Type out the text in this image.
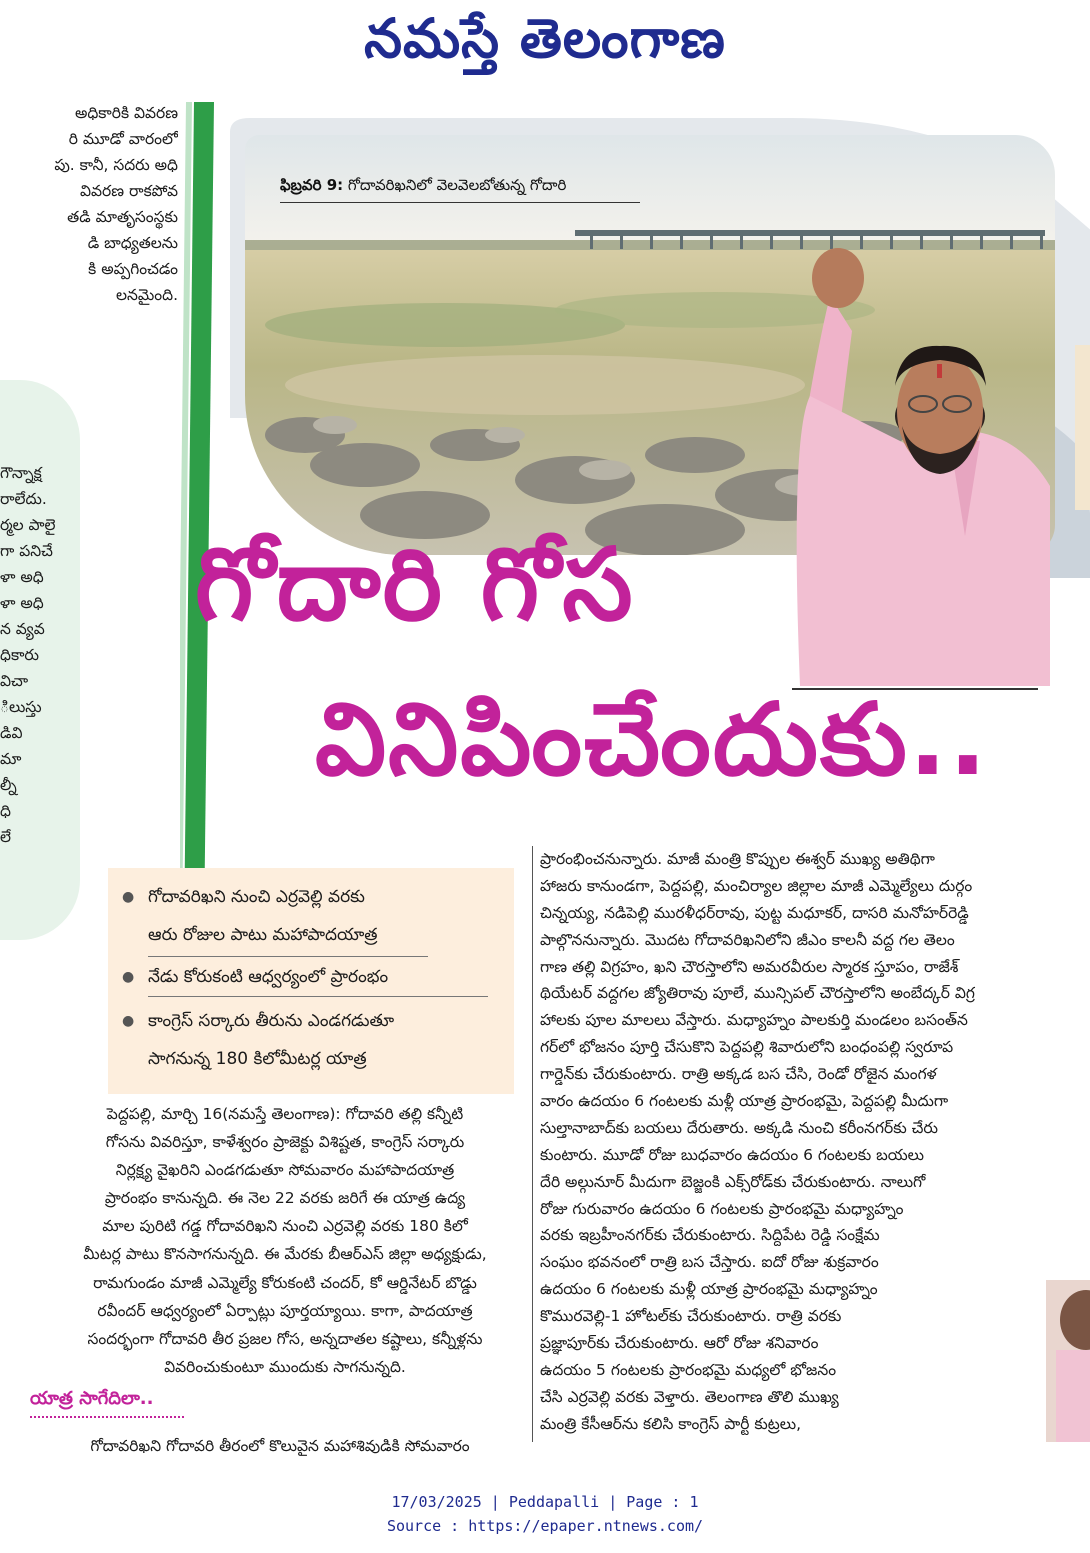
నమస్తే తెలంగాణ
అధికారికి వివరణ
రి మూడో వారంలో
పు. కానీ, సదరు అధి
వివరణ రాకపోవ
తడి మాతృసంస్థకు
డి బాధ్యతలను
కి అప్పగించడం
లనమైంది.
గౌన్నాక్ష
రాలేదు.
ర్మల పాలై
గా పనిచే
ళా అధి
ళా అధి
న వ్యవ
ధికారు
విచా
ిలుస్తు
డివి
మా
ల్నీ
ధి
లే
ఫిబ్రవరి 9: గోదావరిఖనిలో వెలవెలబోతున్న గోదారి
గోదారి గోస
వినిపించేందుకు..
● గోదావరిఖని నుంచి ఎర్రవెల్లి వరకు
ఆరు రోజుల పాటు మహాపాదయాత్ర
● నేడు కోరుకంటి ఆధ్వర్యంలో ప్రారంభం
● కాంగ్రెస్ సర్కారు తీరును ఎండగడుతూ
సాగనున్న 180 కిలోమీటర్ల యాత్ర
పెద్దపల్లి, మార్చి 16(నమస్తే తెలంగాణ): గోదావరి తల్లి కన్నీటి
గోసను వివరిస్తూ, కాళేశ్వరం ప్రాజెక్టు విశిష్టత, కాంగ్రెస్ సర్కారు
నిర్లక్ష్య వైఖరిని ఎండగడుతూ సోమవారం మహాపాదయాత్ర
ప్రారంభం కానున్నది. ఈ నెల 22 వరకు జరిగే ఈ యాత్ర ఉద్య
మాల పురిటి గడ్డ గోదావరిఖని నుంచి ఎర్రవెల్లి వరకు 180 కిలో
మీటర్ల పాటు కొనసాగనున్నది. ఈ మేరకు బీఆర్ఎస్ జిల్లా అధ్యక్షుడు,
రామగుండం మాజీ ఎమ్మెల్యే కోరుకంటి చందర్, కో ఆర్డినేటర్ బొడ్డు
రవీందర్ ఆధ్వర్యంలో ఏర్పాట్లు పూర్తయ్యాయి. కాగా, పాదయాత్ర
సందర్భంగా గోదావరి తీర ప్రజల గోస, అన్నదాతల కష్టాలు, కన్నీళ్లను
వివరించుకుంటూ ముందుకు సాగనున్నది.
యాత్ర సాగేదిలా..
గోదావరిఖని గోదావరి తీరంలో కొలువైన మహాశివుడికి సోమవారం
ప్రారంభించనున్నారు. మాజీ మంత్రి కొప్పుల ఈశ్వర్ ముఖ్య అతిథిగా
హాజరు కానుండగా, పెద్దపల్లి, మంచిర్యాల జిల్లాల మాజీ ఎమ్మెల్యేలు దుర్గం
చిన్నయ్య, నడిపెల్లి మురళీధర్‌రావు, పుట్ట మధూకర్, దాసరి మనోహర్‌రెడ్డి
పాల్గొననున్నారు. మొదట గోదావరిఖనిలోని జీఎం కాలనీ వద్ద గల తెలం
గాణ తల్లి విగ్రహం, ఖని చౌరస్తాలోని అమరవీరుల స్మారక స్తూపం, రాజేశ్
థియేటర్ వద్దగల జ్యోతిరావు పూలే, మున్సిపల్ చౌరస్తాలోని అంబేద్కర్ విగ్ర
హాలకు పూల మాలలు వేస్తారు. మధ్యాహ్నం పాలకుర్తి మండలం బసంత్‌న
గర్‌లో భోజనం పూర్తి చేసుకొని పెద్దపల్లి శివారులోని బంధంపల్లి స్వరూప
గార్డెన్‌కు చేరుకుంటారు. రాత్రి అక్కడ బస చేసి, రెండో రోజైన మంగళ
వారం ఉదయం 6 గంటలకు మళ్లీ యాత్ర ప్రారంభమై, పెద్దపల్లి మీదుగా
సుల్తానాబాద్‌కు బయలు దేరుతారు. అక్కడి నుంచి కరీంనగర్‌కు చేరు
కుంటారు. మూడో రోజు బుధవారం ఉదయం 6 గంటలకు బయలు
దేరి అల్గునూర్ మీదుగా బెజ్జంకి ఎక్స్‌రోడ్‌కు చేరుకుంటారు. నాలుగో
రోజు గురువారం ఉదయం 6 గంటలకు ప్రారంభమై మధ్యాహ్నం
వరకు ఇబ్రహీంనగర్‌కు చేరుకుంటారు. సిద్దిపేట రెడ్డి సంక్షేమ
సంఘం భవనంలో రాత్రి బస చేస్తారు. ఐదో రోజు శుక్రవారం
ఉదయం 6 గంటలకు మళ్లీ యాత్ర ప్రారంభమై మధ్యాహ్నం
కొమురవెల్లి-1 హోటల్‌కు చేరుకుంటారు. రాత్రి వరకు
ప్రజ్ఞాపూర్‌కు చేరుకుంటారు. ఆరో రోజు శనివారం
ఉదయం 5 గంటలకు ప్రారంభమై మధ్యలో భోజనం
చేసి ఎర్రవెల్లి వరకు వెళ్తారు. తెలంగాణ తొలి ముఖ్య
మంత్రి కేసీఆర్‌ను కలిసి కాంగ్రెస్ పార్టీ కుట్రలు,
17/03/2025 | Peddapalli | Page : 1
Source : https://epaper.ntnews.com/
